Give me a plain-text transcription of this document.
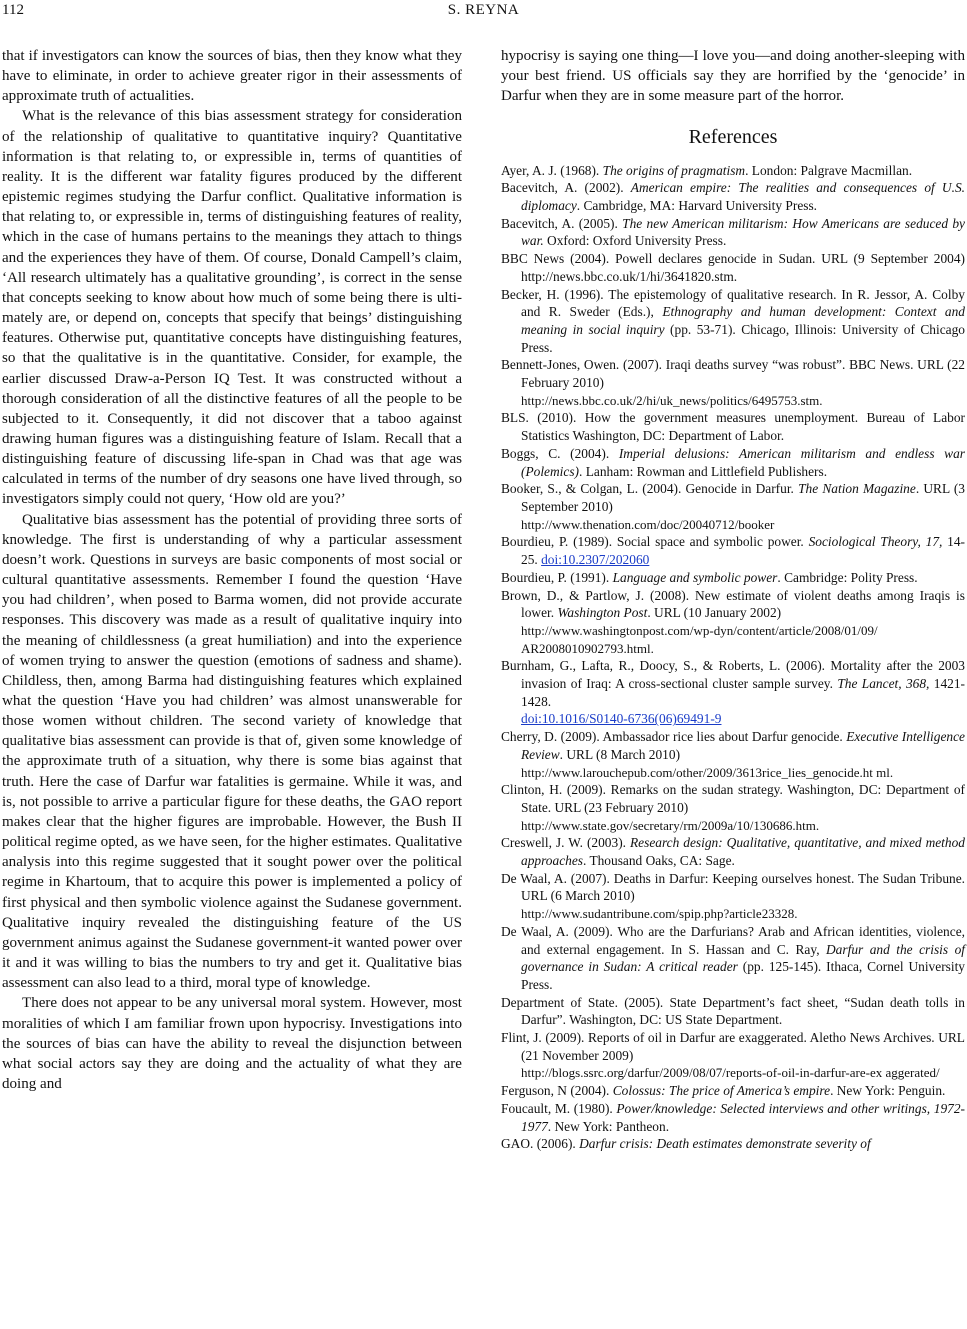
112	S. REYNA

that if investigators can know the sources of bias, then they know what they have to eliminate, in order to achieve greater rigor in their assessments of approximate truth of actualities.

What is the relevance of this bias assessment strategy for consideration of the relationship of qualitative to quantitative inquiry? Quantitative information is that relating to, or expressible in, terms of quantities of reality. It is the different war fatality figures produced by the different epistemic regimes studying the Darfur conflict. Qualitative information is that relating to, or expressible in, terms of distinguishing features of reality, which in the case of humans pertains to the meanings they attach to things and the experiences they have of them. Of course, Donald Campell’s claim, ‘All research ultimately has a qualitative grounding’, is correct in the sense that concepts seeking to know about how much of some being there is ultimately are, or depend on, concepts that specify that beings’ distinguishing features. Otherwise put, quantitative concepts have distinguishing features, so that the qualitative is in the quantitative. Consider, for example, the earlier discussed Draw-a-Person IQ Test. It was constructed without a thorough consideration of all the distinctive features of all the people to be subjected to it. Consequently, it did not discover that a taboo against drawing human figures was a distinguishing feature of Islam. Recall that a distinguishing feature of discussing life-span in Chad was that age was calculated in terms of the number of dry seasons one have lived through, so investigators simply could not query, ‘How old are you?’

Qualitative bias assessment has the potential of providing three sorts of knowledge. The first is understanding of why a particular assessment doesn’t work. Questions in surveys are basic components of most social or cultural quantitative assessments. Remember I found the question ‘Have you had children’, when posed to Barma women, did not provide accurate responses. This discovery was made as a result of qualitative inquiry into the meaning of childlessness (a great humiliation) and into the experience of women trying to answer the question (emotions of sadness and shame). Childless, then, among Barma had distinguishing features which explained what the question ‘Have you had children’ was almost unanswerable for those women without children. The second variety of knowledge that qualitative bias assessment can provide is that of, given some knowledge of the approximate truth of a situation, why there is some bias against that truth. Here the case of Darfur war fatalities is germaine. While it was, and is, not possible to arrive a particular figure for these deaths, the GAO report makes clear that the higher figures are improbable. However, the Bush II political regime opted, as we have seen, for the higher estimates. Qualitative analysis into this regime suggested that it sought power over the political regime in Khartoum, that to acquire this power is implemented a policy of first physical and then symbolic violence against the Sudanese government. Qualitative inquiry revealed the distinguishing feature of the US government animus against the Sudanese government-it wanted power over it and it was willing to bias the numbers to try and get it. Qualitative bias assessment can also lead to a third, moral type of knowledge.

There does not appear to be any universal moral system. However, most moralities of which I am familiar frown upon hypocrisy. Investigations into the sources of bias can have the ability to reveal the disjunction between what social actors say they are doing and the actuality of what they are doing and

hypocrisy is saying one thing—I love you—and doing another-sleeping with your best friend. US officials say they are horrified by the ‘genocide’ in Darfur when they are in some measure part of the horror.

References

Ayer, A. J. (1968). The origins of pragmatism. London: Palgrave Macmillan.

Bacevitch, A. (2002). American empire: The realities and consequences of U.S. diplomacy. Cambridge, MA: Harvard University Press.

Bacevitch, A. (2005). The new American militarism: How Americans are seduced by war. Oxford: Oxford University Press.

BBC News (2004). Powell declares genocide in Sudan. URL (9 September 2004) http://news.bbc.co.uk/1/hi/3641820.stm.

Becker, H. (1996). The epistemology of qualitative research. In R. Jessor, A. Colby and R. Sweder (Eds.), Ethnography and human development: Context and meaning in social inquiry (pp. 53-71). Chicago, Illinois: University of Chicago Press.

Bennett-Jones, Owen. (2007). Iraqi deaths survey “was robust”. BBC News. URL (22 February 2010)
http://news.bbc.co.uk/2/hi/uk_news/politics/6495753.stm.

BLS. (2010). How the government measures unemployment. Bureau of Labor Statistics Washington, DC: Department of Labor.

Boggs, C. (2004). Imperial delusions: American militarism and endless war (Polemics). Lanham: Rowman and Littlefield Publishers.

Booker, S., & Colgan, L. (2004). Genocide in Darfur. The Nation Magazine. URL (3 September 2010)
http://www.thenation.com/doc/20040712/booker

Bourdieu, P. (1989). Social space and symbolic power. Sociological Theory, 17, 14-25. doi:10.2307/202060

Bourdieu, P. (1991). Language and symbolic power. Cambridge: Polity Press.

Brown, D., & Partlow, J. (2008). New estimate of violent deaths among Iraqis is lower. Washington Post. URL (10 January 2002)
http://www.washingtonpost.com/wp-dyn/content/article/2008/01/09/ AR2008010902793.html.

Burnham, G., Lafta, R., Doocy, S., & Roberts, L. (2006). Mortality after the 2003 invasion of Iraq: A cross-sectional cluster sample survey. The Lancet, 368, 1421-1428.
doi:10.1016/S0140-6736(06)69491-9

Cherry, D. (2009). Ambassador rice lies about Darfur genocide. Executive Intelligence Review. URL (8 March 2010)
http://www.larouchepub.com/other/2009/3613rice_lies_genocide.ht ml.

Clinton, H. (2009). Remarks on the sudan strategy. Washington, DC: Department of State. URL (23 February 2010)
http://www.state.gov/secretary/rm/2009a/10/130686.htm.

Creswell, J. W. (2003). Research design: Qualitative, quantitative, and mixed method approaches. Thousand Oaks, CA: Sage.

De Waal, A. (2007). Deaths in Darfur: Keeping ourselves honest. The Sudan Tribune. URL (6 March 2010)
http://www.sudantribune.com/spip.php?article23328.

De Waal, A. (2009). Who are the Darfurians? Arab and African identities, violence, and external engagement. In S. Hassan and C. Ray, Darfur and the crisis of governance in Sudan: A critical reader (pp. 125-145). Ithaca, Cornel University Press.

Department of State. (2005). State Department’s fact sheet, “Sudan death tolls in Darfur”. Washington, DC: US State Department.

Flint, J. (2009). Reports of oil in Darfur are exaggerated. Aletho News Archives. URL (21 November 2009)
http://blogs.ssrc.org/darfur/2009/08/07/reports-of-oil-in-darfur-are-ex aggerated/

Ferguson, N (2004). Colossus: The price of America’s empire. New York: Penguin.

Foucault, M. (1980). Power/knowledge: Selected interviews and other writings, 1972-1977. New York: Pantheon.

GAO. (2006). Darfur crisis: Death estimates demonstrate severity of
